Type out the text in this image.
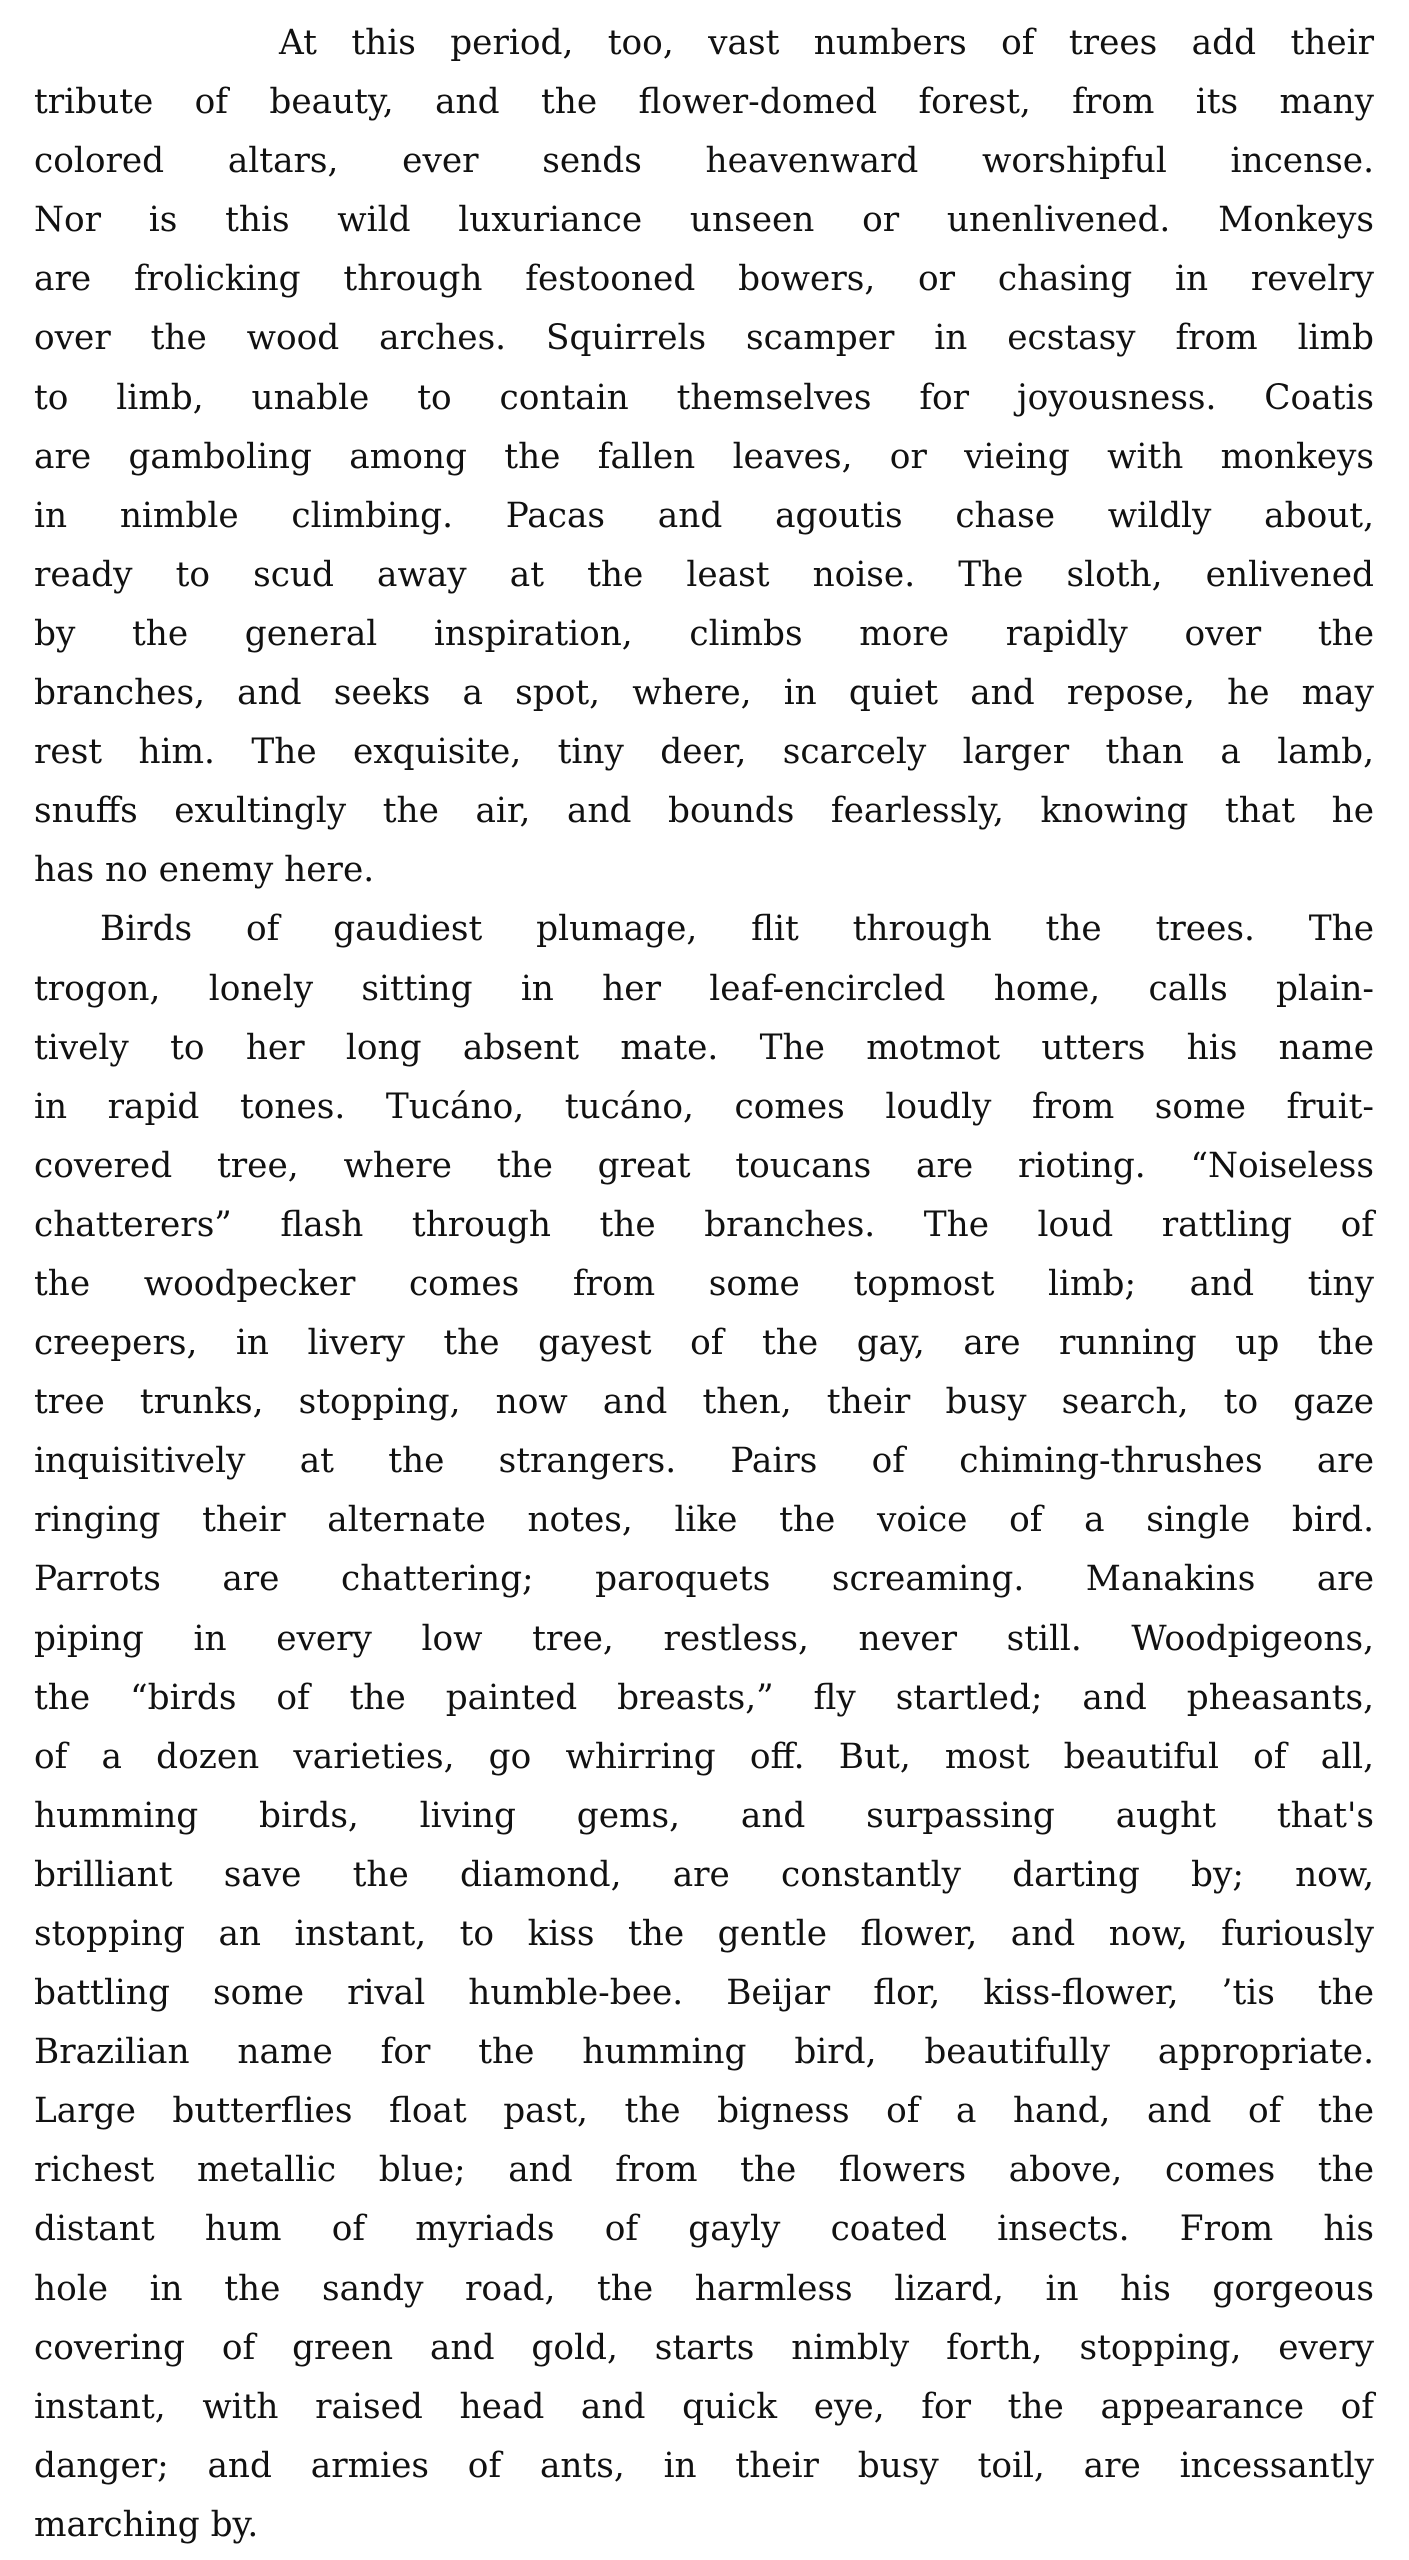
At this period, too, vast numbers of trees add their
tribute of beauty, and the flower-domed forest, from its many
colored altars, ever sends heavenward worshipful incense.
Nor is this wild luxuriance unseen or unenlivened. Monkeys
are frolicking through festooned bowers, or chasing in revelry
over the wood arches. Squirrels scamper in ecstasy from limb
to limb, unable to contain themselves for joyousness. Coatis
are gamboling among the fallen leaves, or vieing with monkeys
in nimble climbing. Pacas and agoutis chase wildly about,
ready to scud away at the least noise. The sloth, enlivened
by the general inspiration, climbs more rapidly over the
branches, and seeks a spot, where, in quiet and repose, he may
rest him. The exquisite, tiny deer, scarcely larger than a lamb,
snuffs exultingly the air, and bounds fearlessly, knowing that he
has no enemy here.
Birds of gaudiest plumage, flit through the trees. The
trogon, lonely sitting in her leaf-encircled home, calls plain-
tively to her long absent mate. The motmot utters his name
in rapid tones. Tucáno, tucáno, comes loudly from some fruit-
covered tree, where the great toucans are rioting. “Noiseless
chatterers” flash through the branches. The loud rattling of
the woodpecker comes from some topmost limb; and tiny
creepers, in livery the gayest of the gay, are running up the
tree trunks, stopping, now and then, their busy search, to gaze
inquisitively at the strangers. Pairs of chiming-thrushes are
ringing their alternate notes, like the voice of a single bird.
Parrots are chattering; paroquets screaming. Manakins are
piping in every low tree, restless, never still. Woodpigeons,
the “birds of the painted breasts,” fly startled; and pheasants,
of a dozen varieties, go whirring off. But, most beautiful of all,
humming birds, living gems, and surpassing aught that's
brilliant save the diamond, are constantly darting by; now,
stopping an instant, to kiss the gentle flower, and now, furiously
battling some rival humble-bee. Beijar flor, kiss-flower, ’tis the
Brazilian name for the humming bird, beautifully appropriate.
Large butterflies float past, the bigness of a hand, and of the
richest metallic blue; and from the flowers above, comes the
distant hum of myriads of gayly coated insects. From his
hole in the sandy road, the harmless lizard, in his gorgeous
covering of green and gold, starts nimbly forth, stopping, every
instant, with raised head and quick eye, for the appearance of
danger; and armies of ants, in their busy toil, are incessantly
marching by.
